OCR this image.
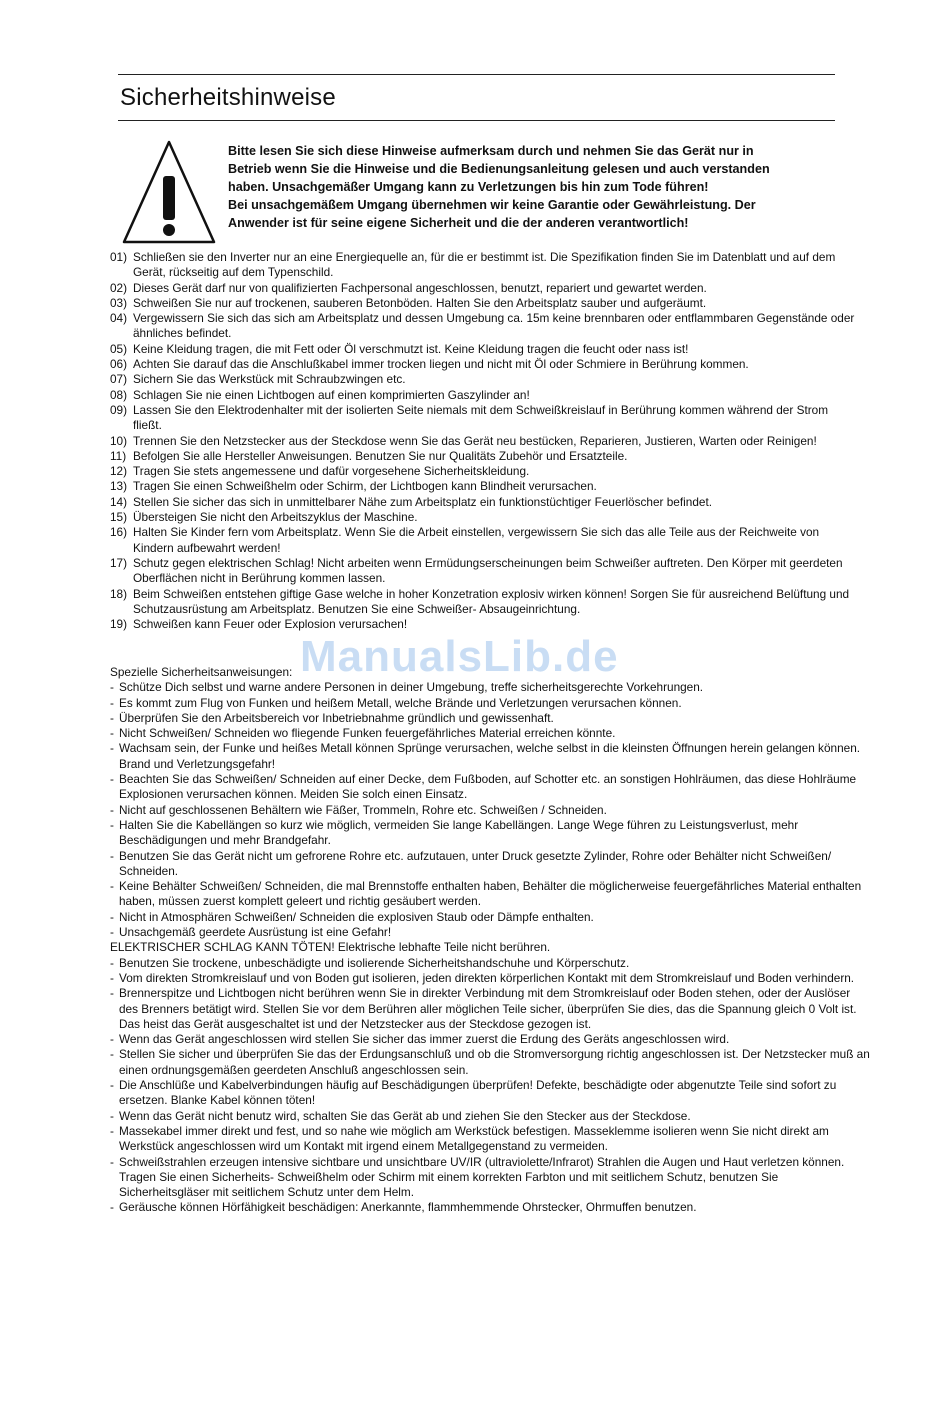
Sicherheitshinweise

Bitte lesen Sie sich diese Hinweise aufmerksam durch und nehmen Sie das Gerät nur in

Betrieb wenn Sie die Hinweise und die Bedienungsanleitung gelesen und auch verstanden

haben. Unsachgemäßer Umgang kann zu Verletzungen bis hin zum Tode führen!

Bei unsachgemäßem Umgang übernehmen wir keine Garantie oder Gewährleistung. Der

Anwender ist für seine eigene Sicherheit und die der anderen verantwortlich!

01) Schließen sie den Inverter nur an eine Energiequelle an, für die er bestimmt ist. Die Spezifikation finden Sie im Datenblatt und auf dem Gerät, rückseitig auf dem Typenschild.
02) Dieses Gerät darf nur von qualifizierten Fachpersonal angeschlossen, benutzt, repariert und gewartet werden.
03) Schweißen Sie nur auf trockenen, sauberen Betonböden. Halten Sie den Arbeitsplatz sauber und aufgeräumt.
04) Vergewissern Sie sich das sich am Arbeitsplatz und dessen Umgebung ca. 15m keine brennbaren oder entflammbaren Gegenstände oder ähnliches befindet.
05) Keine Kleidung tragen, die mit Fett oder Öl verschmutzt ist. Keine Kleidung tragen die feucht oder nass ist!
06) Achten Sie darauf das die Anschlußkabel immer trocken liegen und nicht mit Öl oder Schmiere in Berührung kommen.
07) Sichern Sie das Werkstück mit Schraubzwingen etc.
08) Schlagen Sie nie einen Lichtbogen auf einen komprimierten Gaszylinder an!
09) Lassen Sie den Elektrodenhalter mit der isolierten Seite niemals mit dem Schweißkreislauf in Berührung kommen während der Strom fließt.
10) Trennen Sie den Netzstecker aus der Steckdose wenn Sie das Gerät neu bestücken, Reparieren, Justieren, Warten oder Reinigen!
11) Befolgen Sie alle Hersteller Anweisungen. Benutzen Sie nur Qualitäts Zubehör und Ersatzteile.
12) Tragen Sie stets angemessene und dafür vorgesehene Sicherheitskleidung.
13) Tragen Sie einen Schweißhelm oder Schirm, der Lichtbogen kann Blindheit verursachen.
14) Stellen Sie sicher das sich in unmittelbarer Nähe zum Arbeitsplatz ein funktionstüchtiger Feuerlöscher befindet.
15) Übersteigen Sie nicht den Arbeitszyklus der Maschine.
16) Halten Sie Kinder fern vom Arbeitsplatz. Wenn Sie die Arbeit einstellen, vergewissern Sie sich das alle Teile aus der Reichweite von Kindern aufbewahrt werden!
17) Schutz gegen elektrischen Schlag! Nicht arbeiten wenn Ermüdungserscheinungen beim Schweißer auftreten. Den Körper mit geerdeten Oberflächen nicht in Berührung kommen lassen.
18) Beim Schweißen entstehen giftige Gase welche in hoher Konzetration explosiv wirken können! Sorgen Sie für ausreichend Belüftung und Schutzausrüstung am Arbeitsplatz. Benutzen Sie eine Schweißer- Absaugeinrichtung.
19) Schweißen kann Feuer oder Explosion verursachen!
Spezielle Sicherheitsanweisungen:
- Schütze Dich selbst und warne andere Personen in deiner Umgebung, treffe sicherheitsgerechte Vorkehrungen.
- Es kommt zum Flug von Funken und heißem Metall, welche Brände und Verletzungen verursachen können.
- Überprüfen Sie den Arbeitsbereich vor Inbetriebnahme gründlich und gewissenhaft.
- Nicht Schweißen/ Schneiden wo fliegende Funken feuergefährliches Material erreichen könnte.
- Wachsam sein, der Funke und heißes Metall können Sprünge verursachen, welche selbst in die kleinsten Öffnungen herein gelangen können. Brand und Verletzungsgefahr!
- Beachten Sie das Schweißen/ Schneiden auf einer Decke, dem Fußboden, auf Schotter etc. an sonstigen Hohlräumen, das diese Hohlräume Explosionen verursachen können. Meiden Sie solch einen Einsatz.
- Nicht auf geschlossenen Behältern wie Fäßer, Trommeln, Rohre etc. Schweißen / Schneiden.
- Halten Sie die Kabellängen so kurz wie möglich, vermeiden Sie lange Kabellängen. Lange Wege führen zu Leistungsverlust, mehr Beschädigungen und mehr Brandgefahr.
- Benutzen Sie das Gerät nicht um gefrorene Rohre etc. aufzutauen, unter Druck gesetzte Zylinder, Rohre oder Behälter nicht Schweißen/ Schneiden.
- Keine Behälter Schweißen/ Schneiden, die mal Brennstoffe enthalten haben, Behälter die möglicherweise feuergefährliches Material enthalten haben, müssen zuerst komplett geleert und richtig gesäubert werden.
- Nicht in Atmosphären Schweißen/ Schneiden die explosiven Staub oder Dämpfe enthalten.
- Unsachgemäß geerdete Ausrüstung ist eine Gefahr!
ELEKTRISCHER SCHLAG KANN TÖTEN! Elektrische lebhafte Teile nicht berühren.
- Benutzen Sie trockene, unbeschädigte und isolierende Sicherheitshandschuhe und Körperschutz.
- Vom direkten Stromkreislauf und von Boden gut isolieren, jeden direkten körperlichen Kontakt mit dem Stromkreislauf und Boden verhindern.
- Brennerspitze und Lichtbogen nicht berühren wenn Sie in direkter Verbindung mit dem Stromkreislauf oder Boden stehen, oder der Auslöser des Brenners betätigt wird. Stellen Sie vor dem Berühren aller möglichen Teile sicher, überprüfen Sie dies, das die Spannung gleich 0 Volt ist. Das heist das Gerät ausgeschaltet ist und der Netzstecker aus der Steckdose gezogen ist.
- Wenn das Gerät angeschlossen wird stellen Sie sicher das immer zuerst die Erdung des Geräts angeschlossen wird.
- Stellen Sie sicher und überprüfen Sie das der Erdungsanschluß und ob die Stromversorgung richtig angeschlossen ist. Der Netzstecker muß an einen ordnungsgemäßen geerdeten Anschluß angeschlossen sein.
- Die Anschlüße und Kabelverbindungen häufig auf Beschädigungen überprüfen! Defekte, beschädigte oder abgenutzte Teile sind sofort zu ersetzen. Blanke Kabel können töten!
- Wenn das Gerät nicht benutz wird, schalten Sie das Gerät ab und ziehen Sie den Stecker aus der Steckdose.
- Massekabel immer direkt und fest, und so nahe wie möglich am Werkstück befestigen. Masseklemme isolieren wenn Sie nicht direkt am Werkstück angeschlossen wird um Kontakt mit irgend einem Metallgegenstand zu vermeiden.
- Schweißstrahlen erzeugen intensive sichtbare und unsichtbare UV/IR (ultraviolette/Infrarot) Strahlen die Augen und Haut verletzen können. Tragen Sie einen Sicherheits- Schweißhelm oder Schirm mit einem korrekten Farbton und mit seitlichem Schutz, benutzen Sie Sicherheitsgläser mit seitlichem Schutz unter dem Helm.
- Geräusche können Hörfähigkeit beschädigen: Anerkannte, flammhemmende Ohrstecker, Ohrmuffen benutzen.
ManualsLib.de
